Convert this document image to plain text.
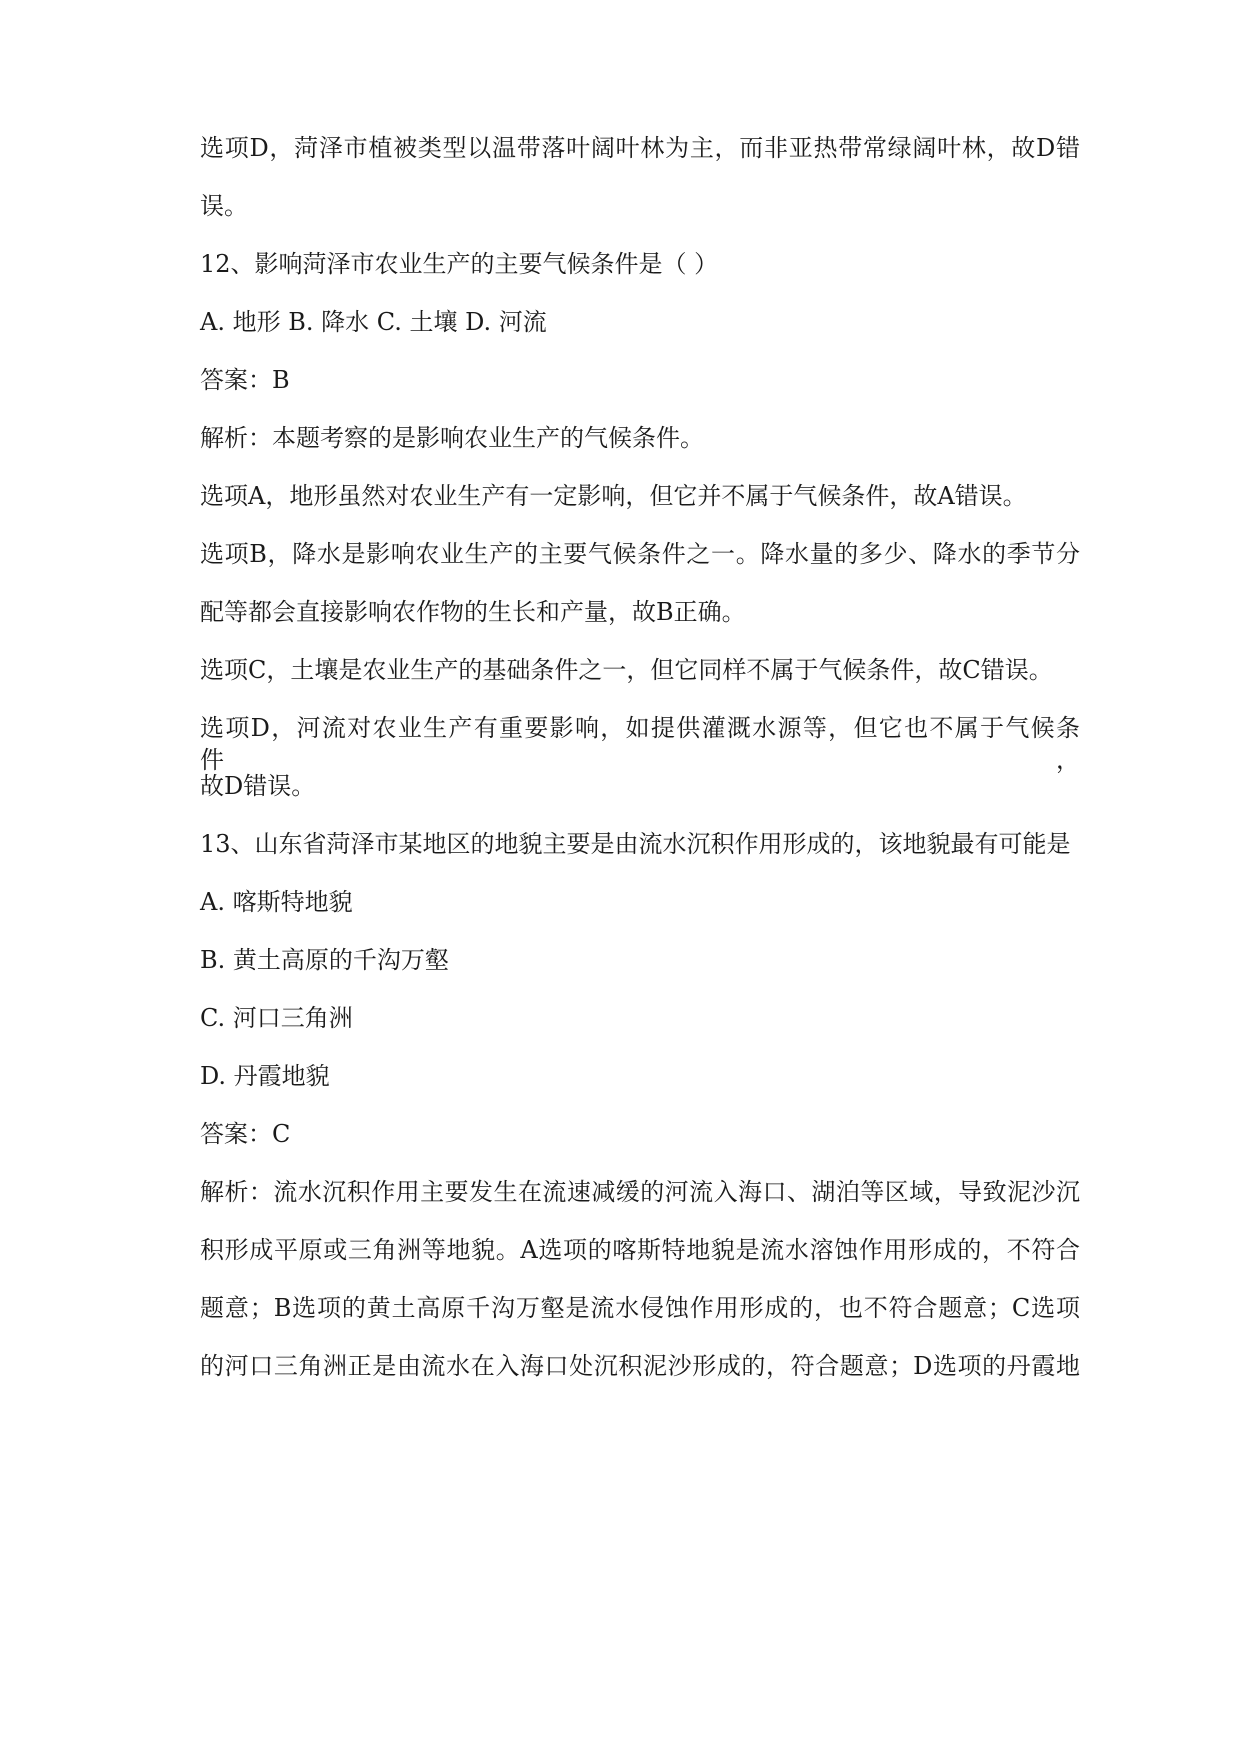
选项D，菏泽市植被类型以温带落叶阔叶林为主，而非亚热带常绿阔叶林，故D错
误。
12、影响菏泽市农业生产的主要气候条件是（ ）
A. 地形 B. 降水 C. 土壤 D. 河流
答案：B
解析：本题考察的是影响农业生产的气候条件。
选项A，地形虽然对农业生产有一定影响，但它并不属于气候条件，故A错误。
选项B，降水是影响农业生产的主要气候条件之一。降水量的多少、降水的季节分
配等都会直接影响农作物的生长和产量，故B正确。
选项C，土壤是农业生产的基础条件之一，但它同样不属于气候条件，故C错误。
选项D，河流对农业生产有重要影响，如提供灌溉水源等，但它也不属于气候条件，
故D错误。
13、山东省菏泽市某地区的地貌主要是由流水沉积作用形成的，该地貌最有可能是
A. 喀斯特地貌
B. 黄土高原的千沟万壑
C. 河口三角洲
D. 丹霞地貌
答案：C
解析：流水沉积作用主要发生在流速减缓的河流入海口、湖泊等区域，导致泥沙沉
积形成平原或三角洲等地貌。A选项的喀斯特地貌是流水溶蚀作用形成的，不符合
题意；B选项的黄土高原千沟万壑是流水侵蚀作用形成的，也不符合题意；C选项
的河口三角洲正是由流水在入海口处沉积泥沙形成的，符合题意；D选项的丹霞地
